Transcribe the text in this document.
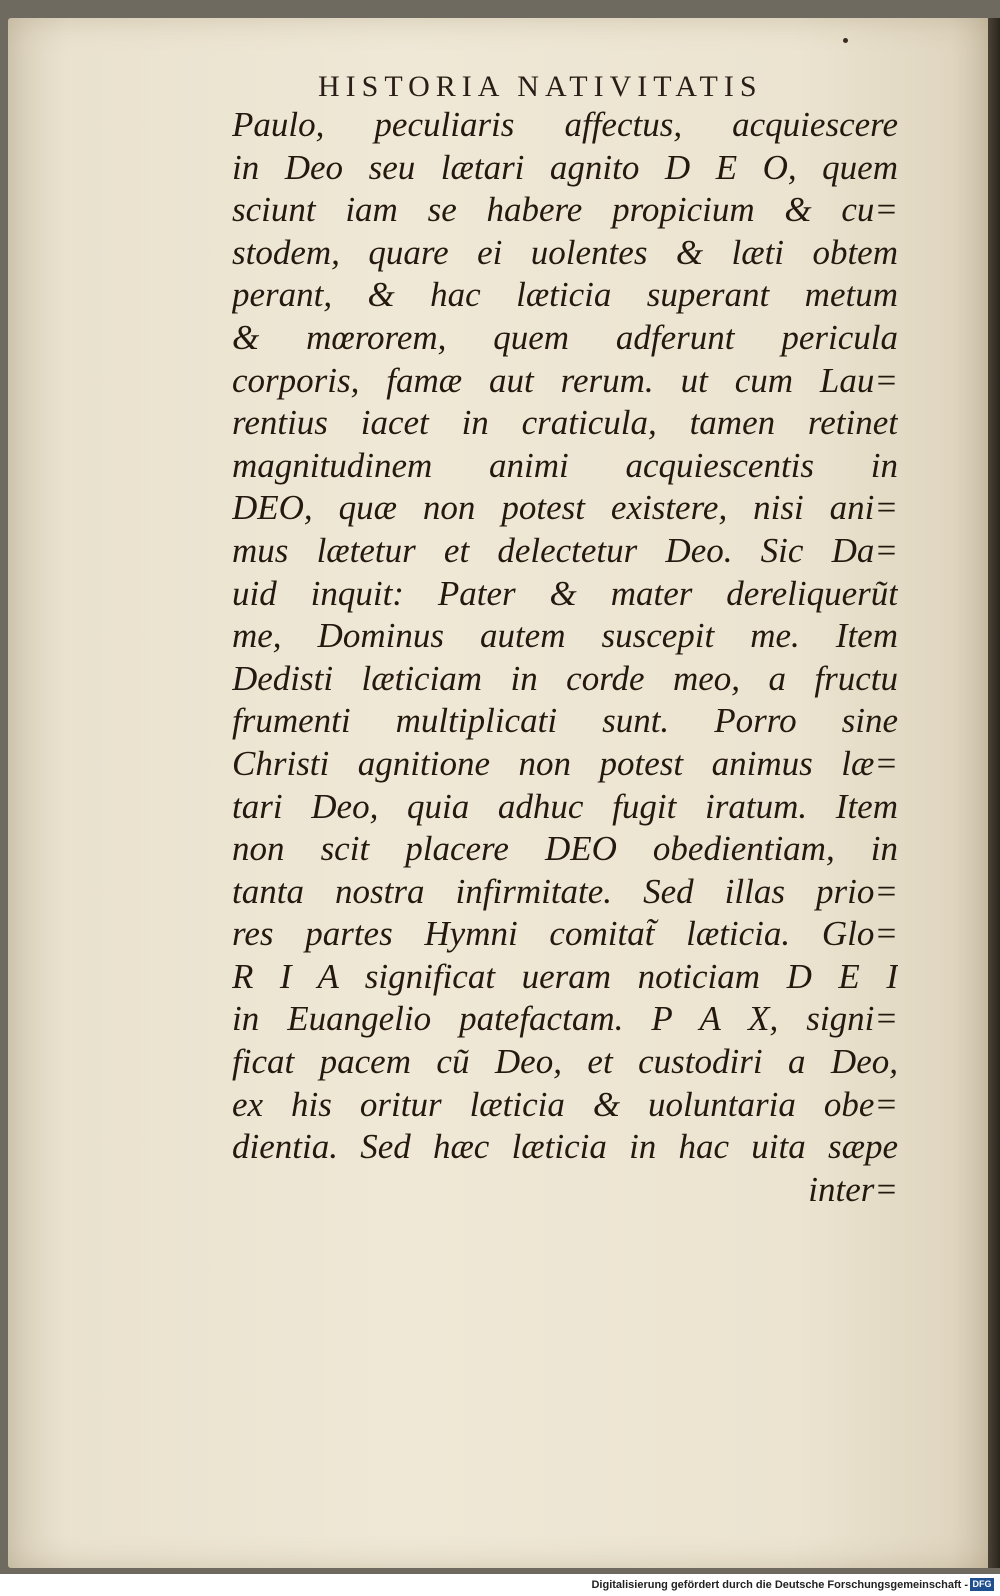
HISTORIA NATIVITATIS
Paulo, peculiaris affectus, acquiescere
in Deo seu lætari agnito D E O, quem
sciunt iam se habere propicium & cu=
stodem, quare ei uolentes & læti obtem
perant, & hac læticia superant metum
& mœrorem, quem adferunt pericula
corporis, famæ aut rerum. ut cum Lau=
rentius iacet in craticula, tamen retinet
magnitudinem animi acquiescentis in
DEO, quæ non potest existere, nisi ani=
mus lætetur et delectetur Deo. Sic Da=
uid inquit: Pater & mater dereliquerũt
me, Dominus autem suscepit me. Item
Dedisti læticiam in corde meo, a fructu
frumenti multiplicati sunt. Porro sine
Christi agnitione non potest animus læ=
tari Deo, quia adhuc fugit iratum. Item
non scit placere DEO obedientiam, in
tanta nostra infirmitate. Sed illas prio=
res partes Hymni comitat̃ læticia. Glo=
R I A significat ueram noticiam D E I
in Euangelio patefactam. P A X, signi=
ficat pacem cũ Deo, et custodiri a Deo,
ex his oritur læticia & uoluntaria obe=
dientia. Sed hæc læticia in hac uita sæpe
inter=
Digitalisierung gefördert durch die Deutsche Forschungsgemeinschaft - DFG
